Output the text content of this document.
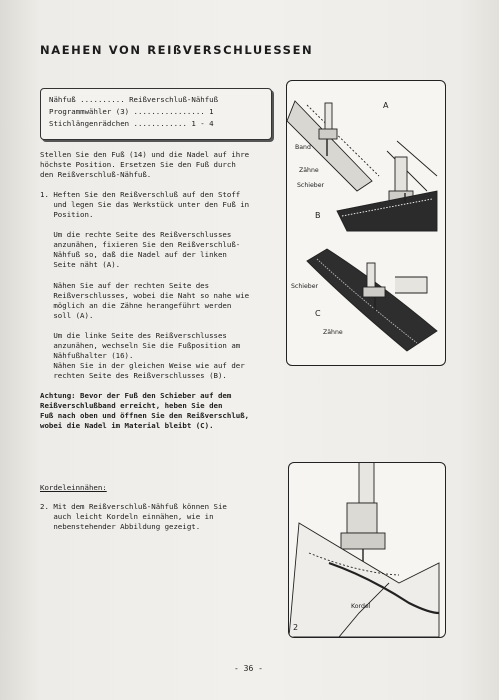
NAEHEN VON REIßVERSCHLUESSEN
Nähfuß .......... Reißverschluß-Nähfuß
Programmwähler (3) ................ 1
Stichlängenrädchen ............ 1 - 4
Stellen Sie den Fuß (14) und die Nadel auf ihre
höchste Position. Ersetzen Sie den Fuß durch
den Reißverschluß-Nähfuß.
1. Heften Sie den Reißverschluß auf den Stoff
und legen Sie das Werkstück unter den Fuß in
Position.
Um die rechte Seite des Reißverschlusses
anzunähen, fixieren Sie den Reißverschluß-
Nähfuß so, daß die Nadel auf der linken
Seite näht (A).
Nähen Sie auf der rechten Seite des
Reißverschlusses, wobei die Naht so nahe wie
möglich an die Zähne herangeführt werden
soll (A).
Um die linke Seite des Reißverschlusses
anzunähen, wechseln Sie die Fußposition am
Nähfußhalter (16).
Nähen Sie in der gleichen Weise wie auf der
rechten Seite des Reißverschlusses (B).
Achtung: Bevor der Fuß den Schieber auf dem
Reißverschlußband erreicht, heben Sie den
Fuß nach oben und öffnen Sie den Reißverschluß,
wobei die Nadel im Material bleibt (C).
Kordeleinnähen:
2. Mit dem Reißverschluß-Nähfuß können Sie
auch leicht Kordeln einnähen, wie in
nebenstehender Abbildung gezeigt.
A
B
C
Band
Zähne
Schieber
Schieber
Zähne
2
Kordel
- 36 -
